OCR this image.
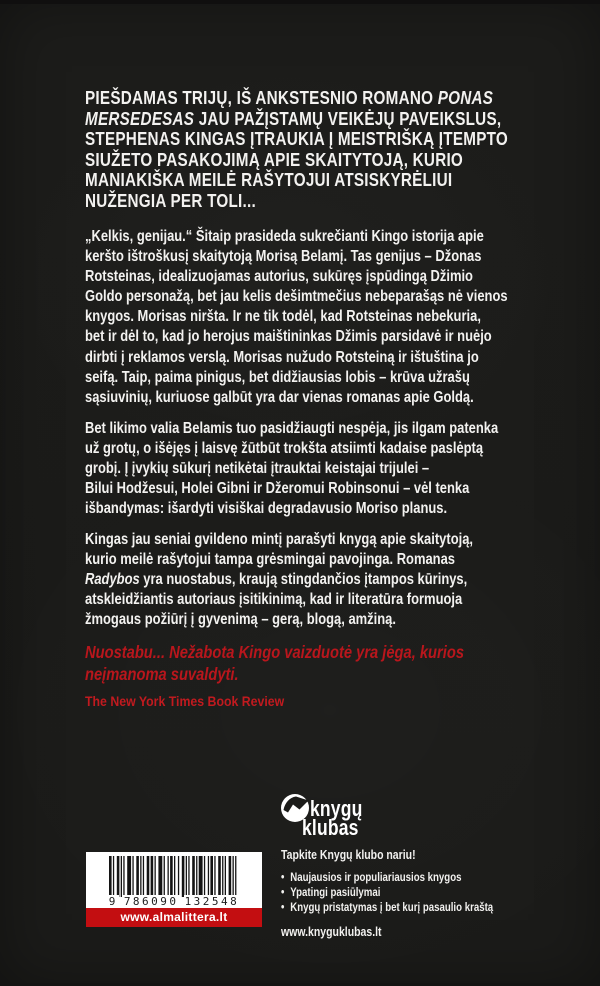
PIEŠDAMAS TRIJŲ, IŠ ANKSTESNIO ROMANO PONAS
MERSEDESAS JAU PAŽĮSTAMŲ VEIKĖJŲ PAVEIKSLUS,
STEPHENAS KINGAS ĮTRAUKIA Į MEISTRIŠKĄ ĮTEMPTO
SIUŽETO PASAKOJIMĄ APIE SKAITYTOJĄ, KURIO
MANIAKIŠKA MEILĖ RAŠYTOJUI ATSISKYRĖLIUI
NUŽENGIA PER TOLI...
„Kelkis, genijau.“ Šitaip prasideda sukrečianti Kingo istorija apie
keršto ištroškusį skaitytoją Morisą Belamį. Tas genijus – Džonas
Rotsteinas, idealizuojamas autorius, sukūręs įspūdingą Džimio
Goldo personažą, bet jau kelis dešimtmečius nebeparašąs nė vienos
knygos. Morisas niršta. Ir ne tik todėl, kad Rotsteinas nebekuria,
bet ir dėl to, kad jo herojus maištininkas Džimis parsidavė ir nuėjo
dirbti į reklamos verslą. Morisas nužudo Rotsteiną ir ištuština jo
seifą. Taip, paima pinigus, bet didžiausias lobis – krūva užrašų
sąsiuvinių, kuriuose galbūt yra dar vienas romanas apie Goldą.
Bet likimo valia Belamis tuo pasidžiaugti nespėja, jis ilgam patenka
už grotų, o išėjęs į laisvę žūtbūt trokšta atsiimti kadaise paslėptą
grobį. Į įvykių sūkurį netikėtai įtrauktai keistajai trijulei –
Bilui Hodžesui, Holei Gibni ir Džeromui Robinsonui – vėl tenka
išbandymas: išardyti visiškai degradavusio Moriso planus.
Kingas jau seniai gvildeno mintį parašyti knygą apie skaitytoją,
kurio meilė rašytojui tampa grėsmingai pavojinga. Romanas
Radybos yra nuostabus, kraują stingdančios įtampos kūrinys,
atskleidžiantis autoriaus įsitikinimą, kad ir literatūra formuoja
žmogaus požiūrį į gyvenimą – gerą, blogą, amžiną.
Nuostabu... Nežabota Kingo vaizduotė yra jėga, kurios
neįmanoma suvaldyti.
The New York Times Book Review
knygų
klubas

Tapkite Knygų klubo nariu!

• Naujausios ir populiariausios knygos
• Ypatingi pasiūlymai
• Knygų pristatymas į bet kurį pasaulio kraštą
www.knyguklubas.lt
9 786090 132548
www.almalittera.lt
